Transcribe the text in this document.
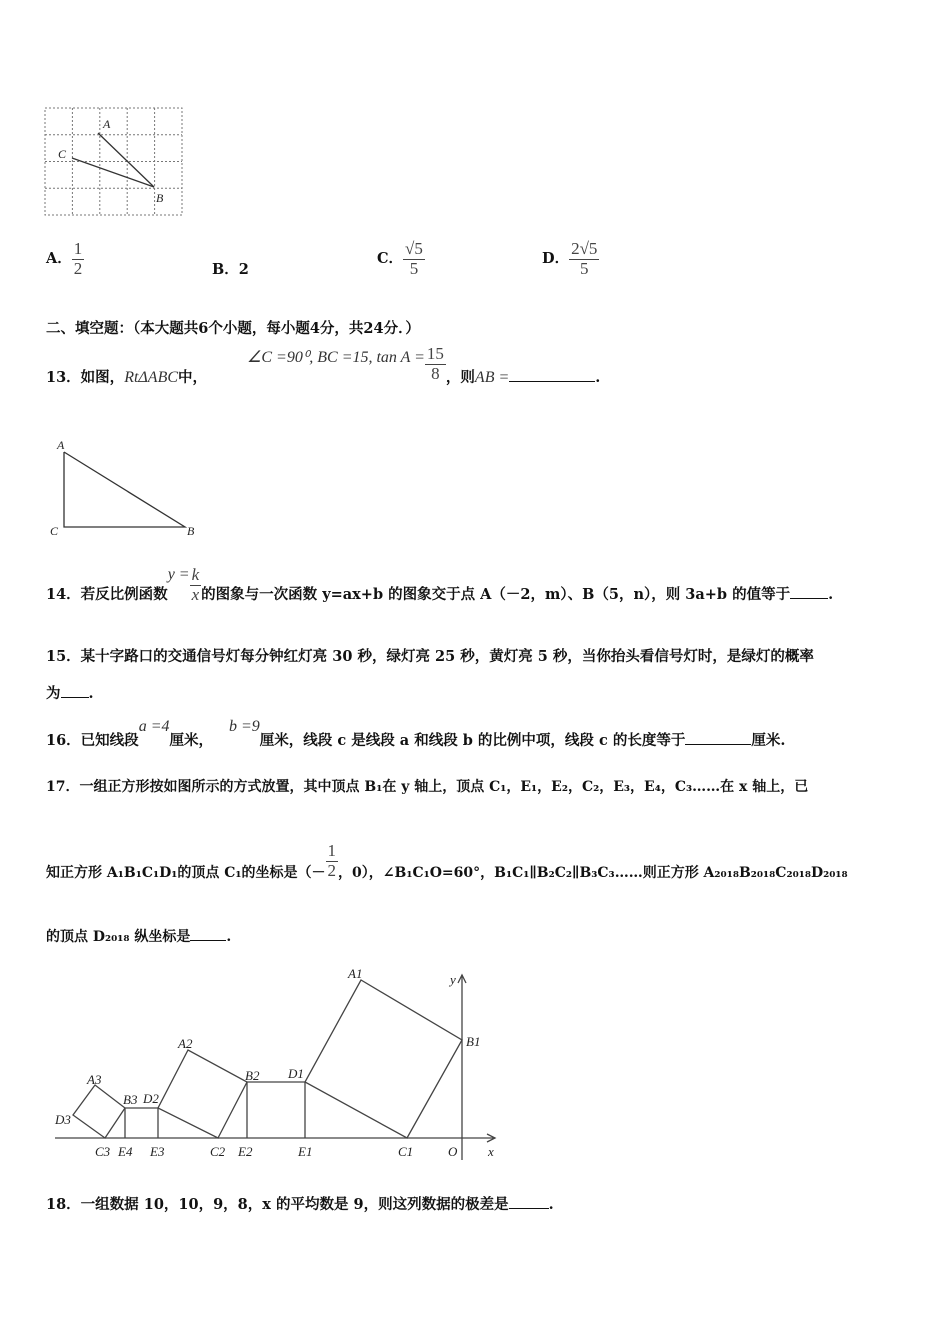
A
C
B
A． $\frac{1}{2}$	B．2
C． $\frac{√5}{5}$	D． $\frac{2√5}{5}$
二、填空题：（本大题共6个小题，每小题4分，共24分．）
13．如图，RtΔABC中，∠C =90⁰, BC =15, $\tan A = \frac{15}{8}$ ，则AB =	.
A
C	B
14．若反比例函数$y = \frac{k}{x}$ 的图象与一次函数 y=ax+b 的图象交于点 A（－2，m）、B（5，n），则 3a+b 的值等于	.
15．某十字路口的交通信号灯每分钟红灯亮 30 秒，绿灯亮 25 秒，黄灯亮 5 秒，当你抬头看信号灯时，是绿灯的概率
为 .
16．已知线段a =4厘米，b =9厘米，线段 c 是线段 a 和线段 b 的比例中项，线段 c 的长度等于	厘米.
17．一组正方形按如图所示的方式放置，其中顶点 B₁在 y 轴上，顶点 C₁，E₁，E₂，C₂，E₃，E₄，C₃……在 x 轴上，已
知正方形 A₁B₁C₁D₁的顶点 C₁的坐标是（－ $\frac{1}{2}$ ，0），∠B₁C₁O=60°，B₁C₁∥B₂C₂∥B₃C₃……则正方形 A₂₀₁₈B₂₀₁₈C₂₀₁₈D₂₀₁₈
的顶点 D₂₀₁₈ 纵坐标是	.
A1
B1
C1
D1
E1
A2
B2
C2
D2
E2
A3
B3
C3
D3
E3
E4	O x
y
18．一组数据 10，10，9，8，x 的平均数是 9，则这列数据的极差是	.
